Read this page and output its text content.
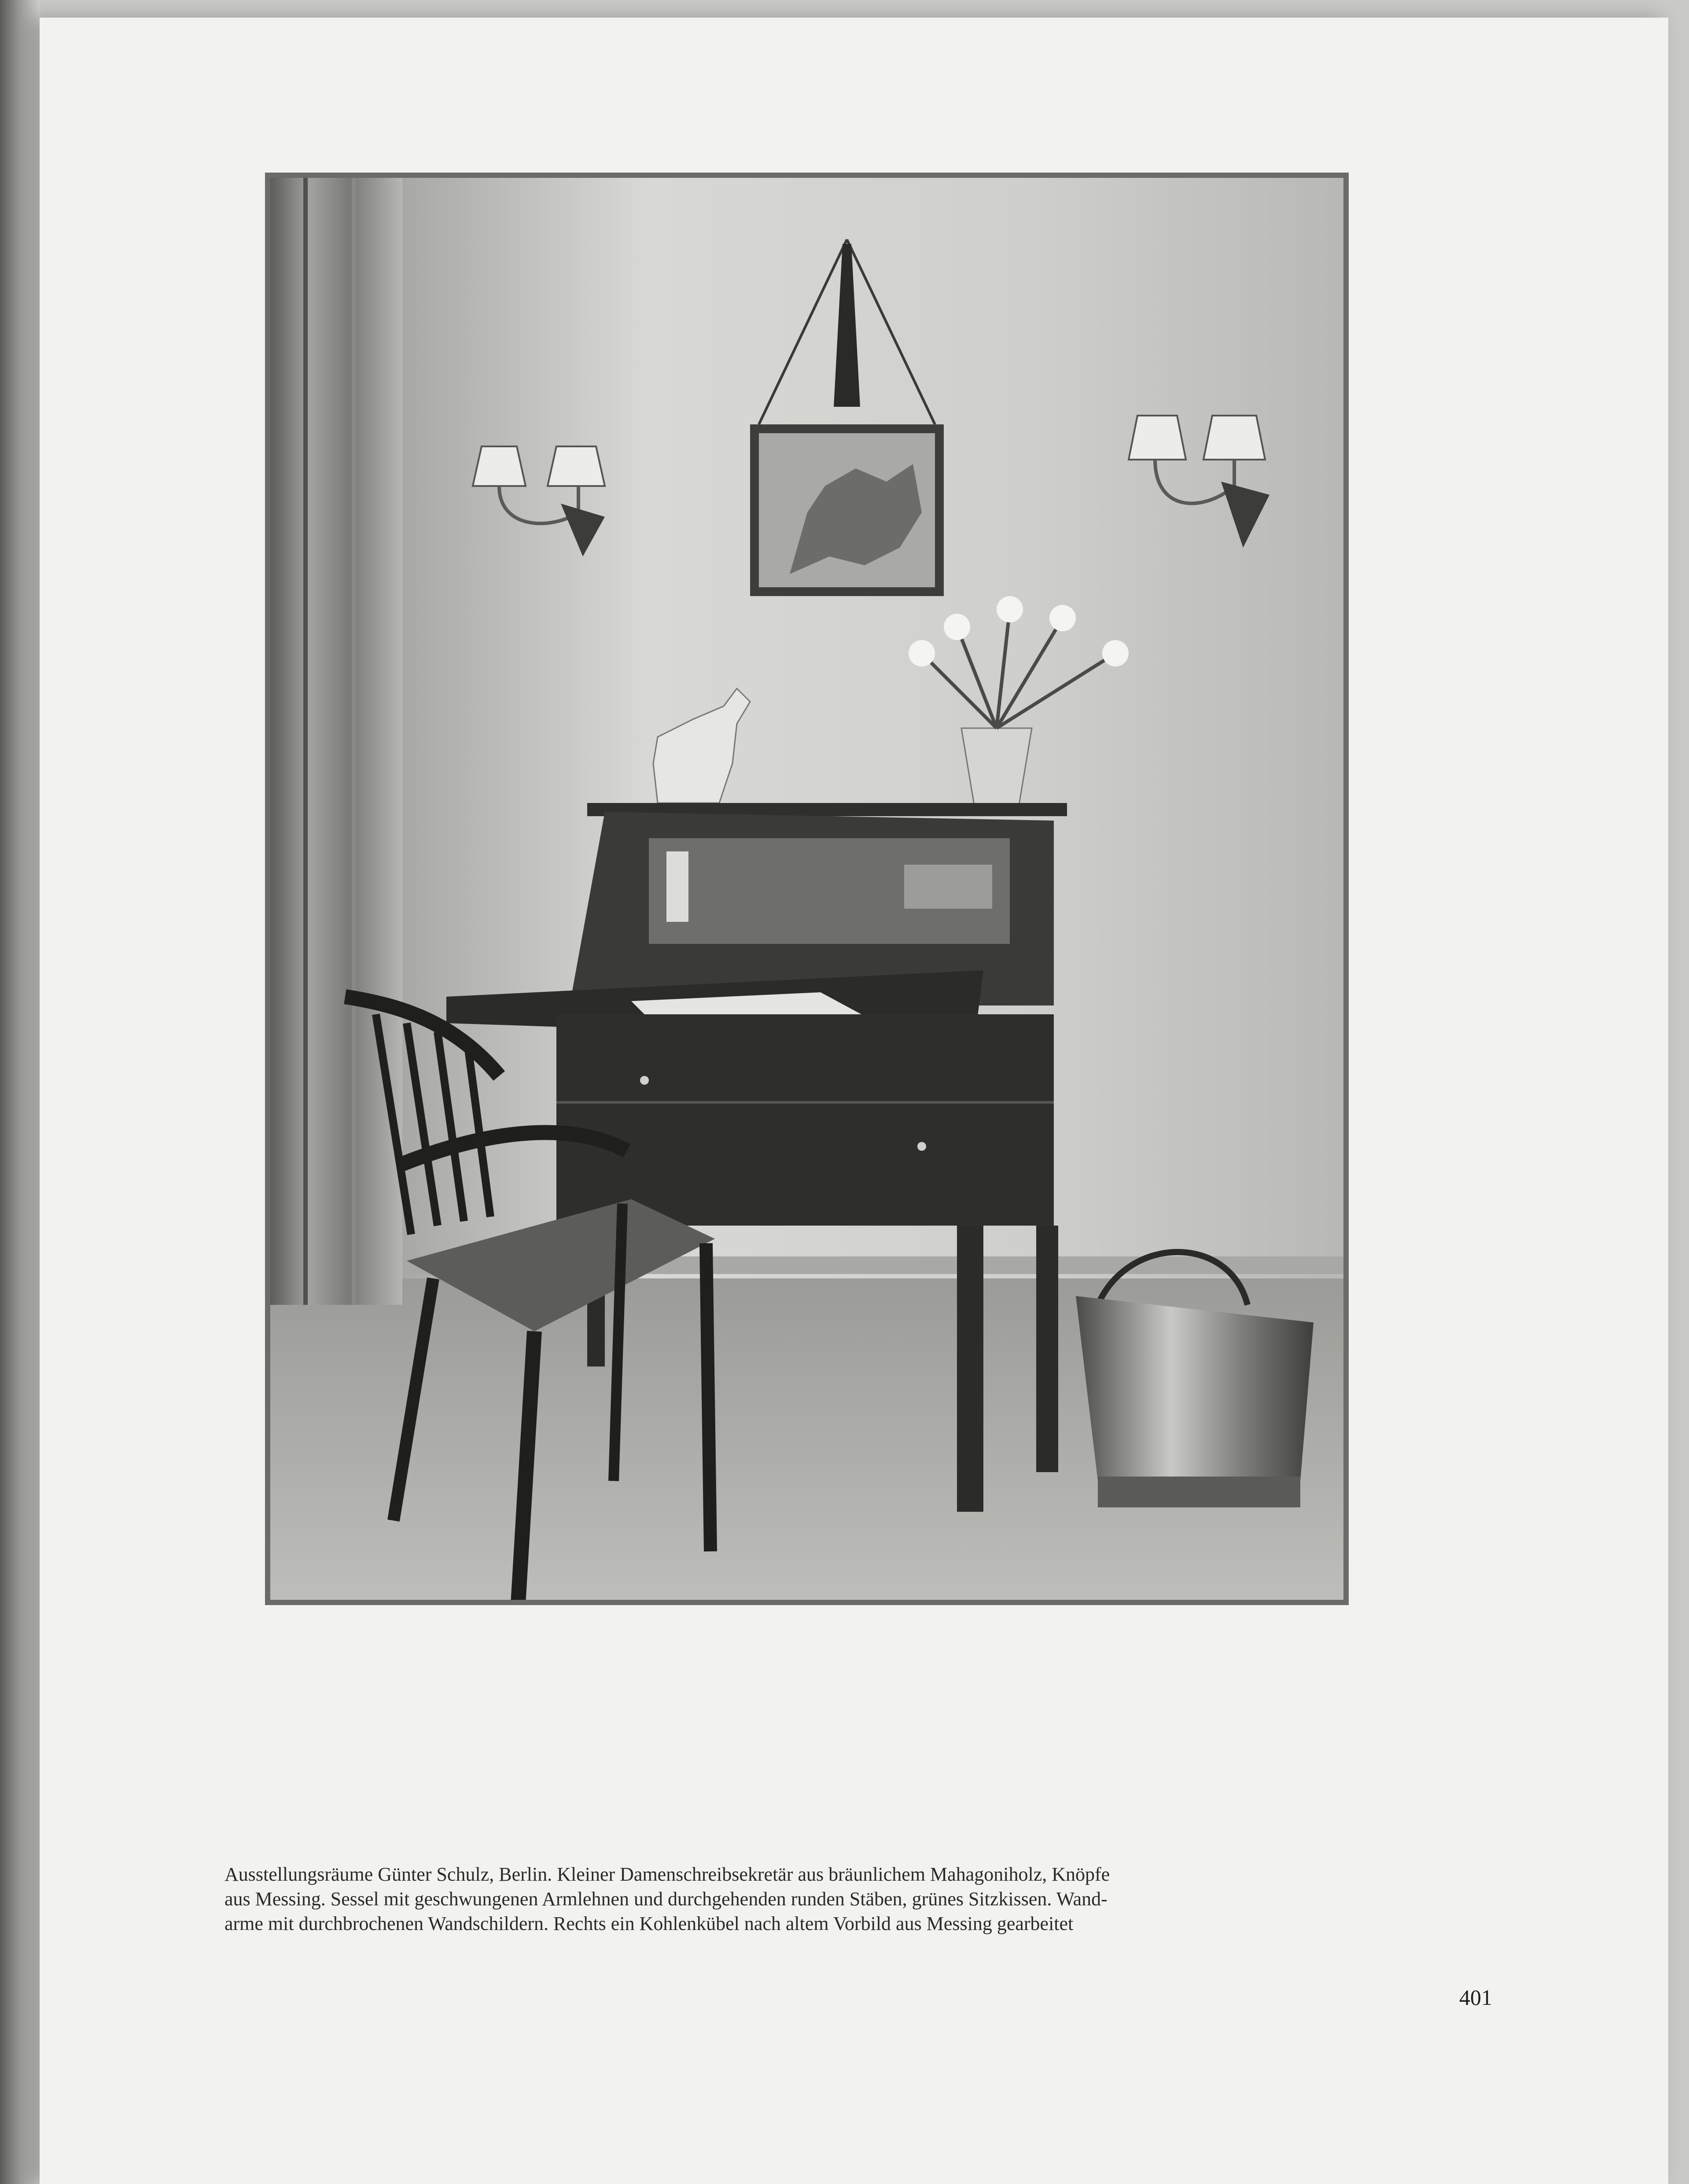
Ausstellungsräume Günter Schulz, Berlin. Kleiner Damenschreibsekretär aus bräunlichem Mahagoniholz, Knöpfe
aus Messing. Sessel mit geschwungenen Armlehnen und durchgehenden runden Stäben, grünes Sitzkissen. Wand-
arme mit durchbrochenen Wandschildern. Rechts ein Kohlenkübel nach altem Vorbild aus Messing gearbeitet
401
